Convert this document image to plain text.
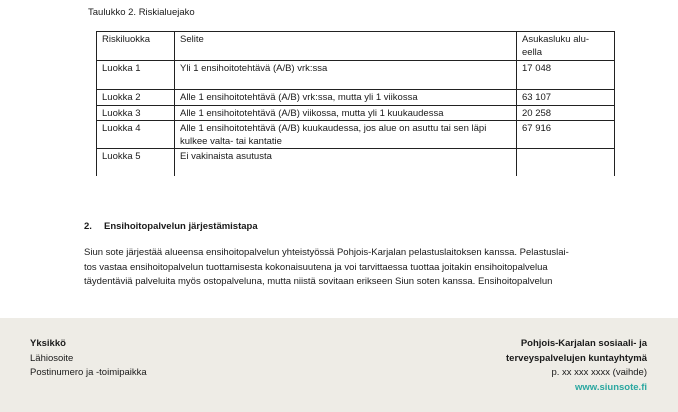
Taulukko 2. Riskialuejako
Riskiluokka	Selite	Asukasluku alu-
eella
Luokka 1	Yli 1 ensihoitotehtävä (A/B) vrk:ssa	17 048
Luokka 2	Alle 1 ensihoitotehtävä (A/B) vrk:ssa, mutta yli 1 viikossa	63 107
Luokka 3	Alle 1 ensihoitotehtävä (A/B) viikossa, mutta yli 1 kuukaudessa	20 258
Luokka 4	Alle 1 ensihoitotehtävä (A/B) kuukaudessa, jos alue on asuttu tai sen läpi kulkee valta- tai kantatie	67 916
Luokka 5	Ei vakinaista asutusta	
2. Ensihoitopalvelun järjestämistapa
Siun sote järjestää alueensa ensihoitopalvelun yhteistyössä Pohjois-Karjalan pelastuslaitoksen kanssa. Pelastuslai-
tos vastaa ensihoitopalvelun tuottamisesta kokonaisuutena ja voi tarvittaessa tuottaa joitakin ensihoitopalvelua
täydentäviä palveluita myös ostopalveluna, mutta niistä sovitaan erikseen Siun soten kanssa. Ensihoitopalvelun
Yksikkö
Lähiosoite
Postinumero ja -toimipaikka
Pohjois-Karjalan sosiaali- ja
terveyspalvelujen kuntayhtymä
p. xx xxx xxxx (vaihde)
www.siunsote.fi
